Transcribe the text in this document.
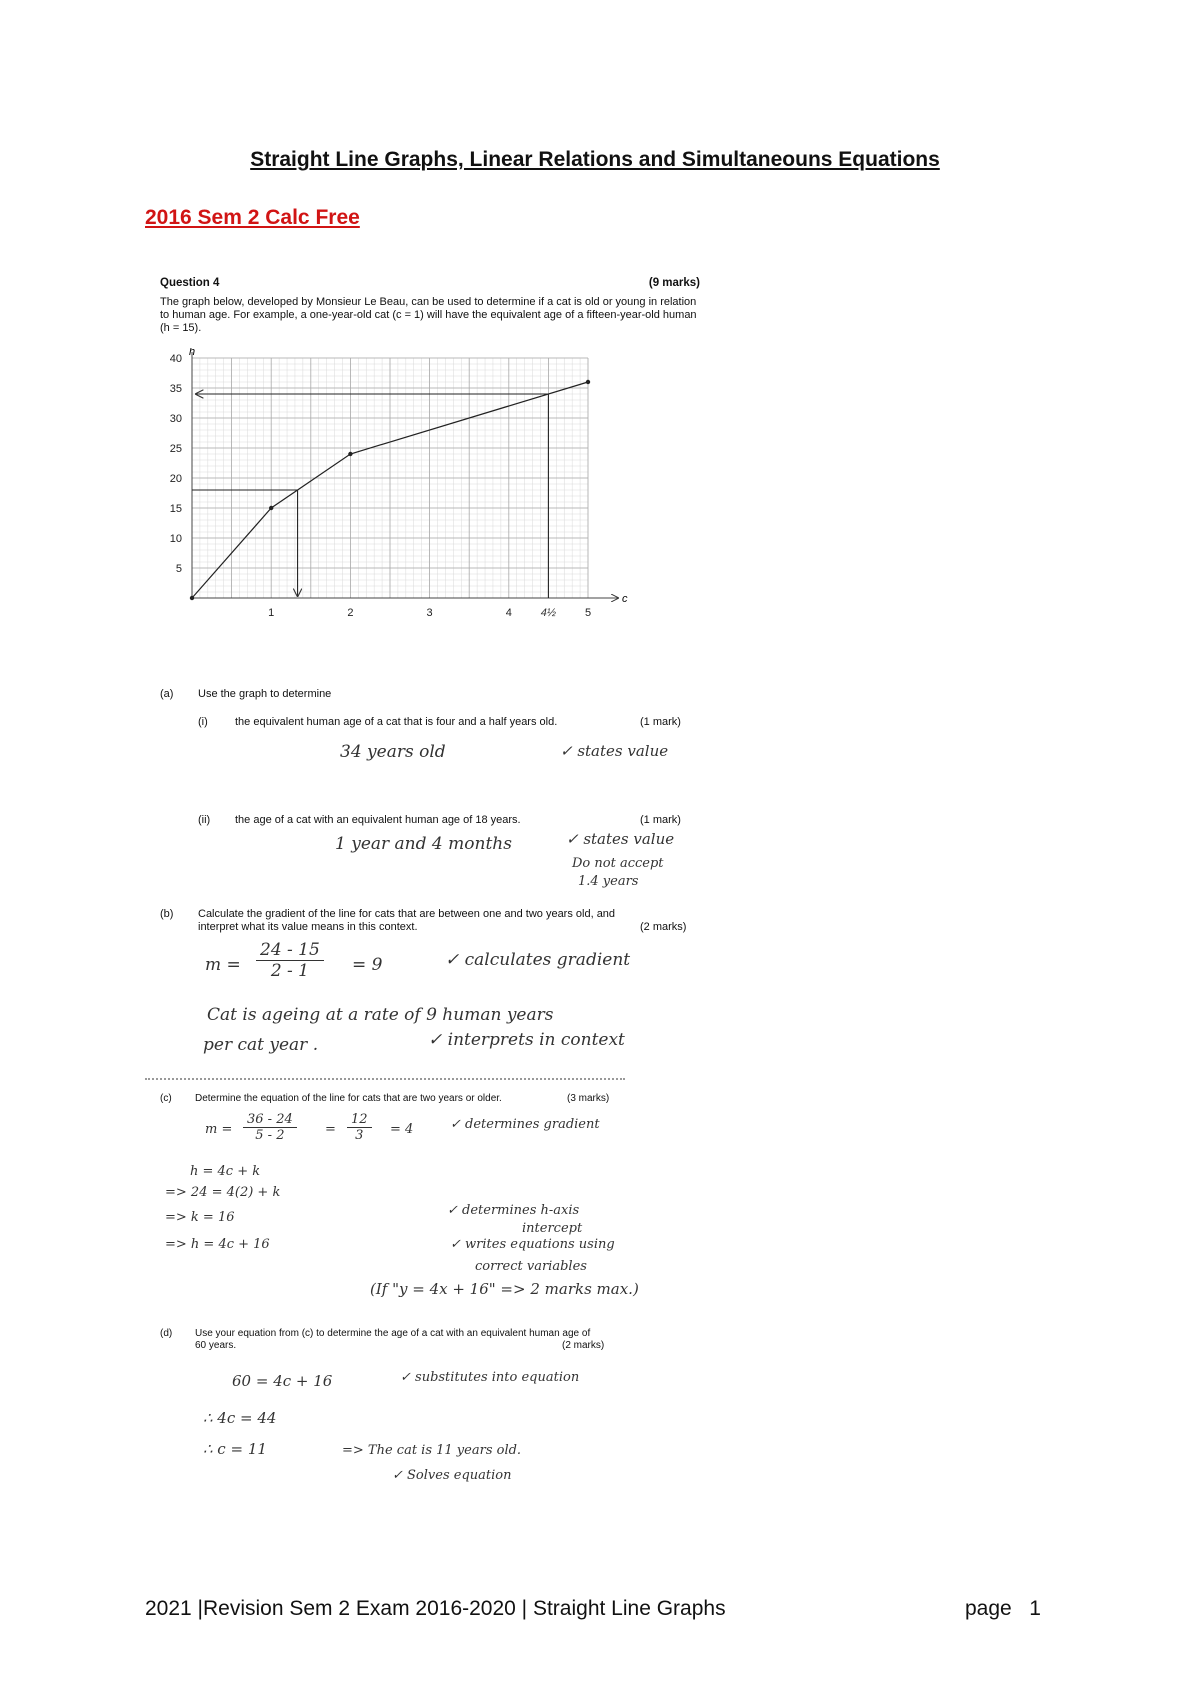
Straight Line Graphs, Linear Relations and Simultaneouns Equations
2016 Sem 2 Calc Free
Question 4	(9 marks)
The graph below, developed by Monsieur Le Beau, can be used to determine if a cat is old or young in relation to human age. For example, a one-year-old cat (c = 1) will have the equivalent age of a fifteen-year-old human (h = 15).
1	2	3	4	5
5
10
15
20
25
30
35
40
4½
c
h
(a) Use the graph to determine
(i) the equivalent human age of a cat that is four and a half years old.	(1 mark)
34 years old	✓ states value
(ii) the age of a cat with an equivalent human age of 18 years.	(1 mark)
1 year and 4 months	✓ states value
Do not accept
1.4 years
(b) Calculate the gradient of the line for cats that are between one and two years old, and
interpret what its value means in this context.	(2 marks)
$m = \frac{24 - 15}{2 - 1} = 9$	✓ calculates gradient
Cat is ageing at a rate of 9 human years
per cat year .	✓ interprets in context
(c) Determine the equation of the line for cats that are two years or older.	(3 marks)
$m = \frac{36 - 24}{5 - 2} = \frac{12}{3} = 4$	✓ determines gradient
h = 4c + k
=> 24 = 4(2) + k
=> k = 16
=> h = 4c + 16
✓ determines h-axis
intercept
✓ writes equations using
correct variables
(If "y = 4x + 16" => 2 marks max.)
(d) Use your equation from (c) to determine the age of a cat with an equivalent human age of
60 years.	(2 marks)
60 = 4c + 16	✓ substitutes into equation
∴ 4c = 44
∴ c = 11	=> The cat is 11 years old.
✓ Solves equation
2021 |Revision Sem 2 Exam 2016-2020 | Straight Line Graphs	page 1
